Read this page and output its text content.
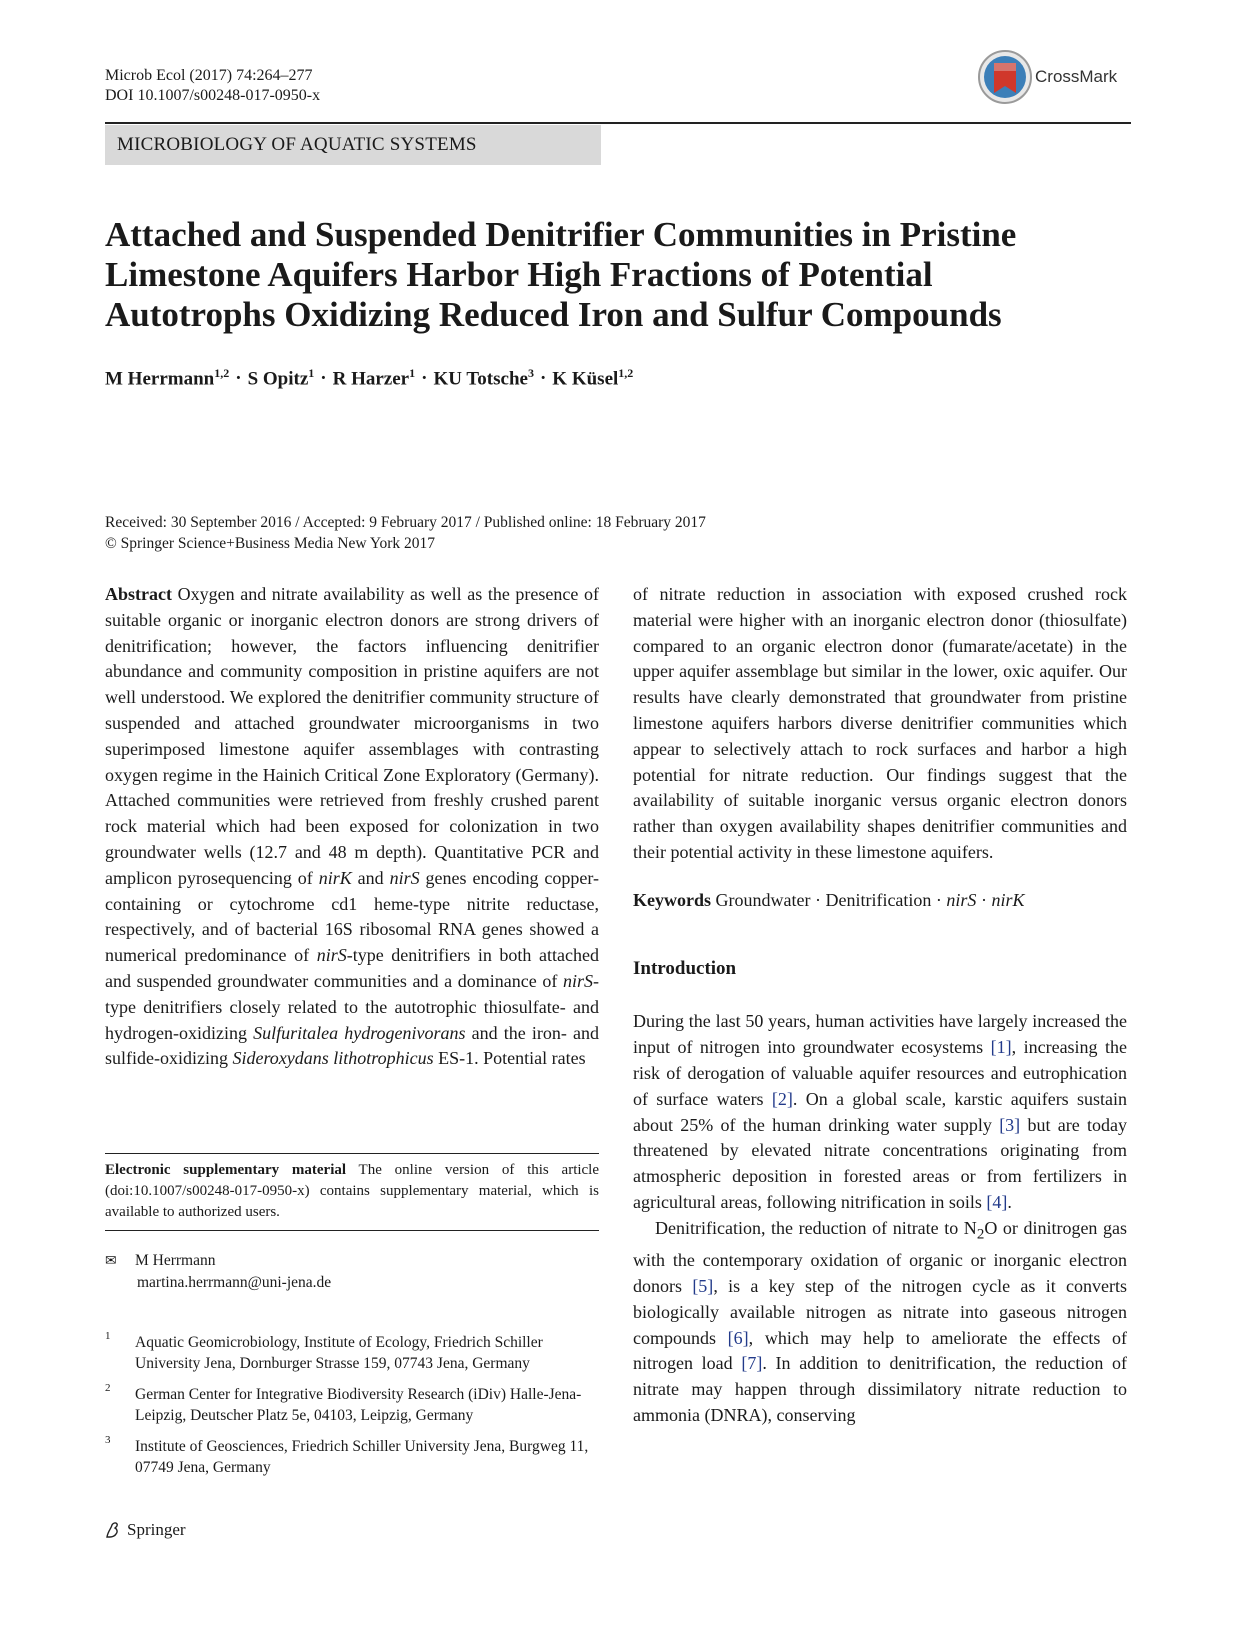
Microb Ecol (2017) 74:264–277
DOI 10.1007/s00248-017-0950-x
CrossMark
MICROBIOLOGY OF AQUATIC SYSTEMS
Attached and Suspended Denitrifier Communities in Pristine
Limestone Aquifers Harbor High Fractions of Potential
Autotrophs Oxidizing Reduced Iron and Sulfur Compounds
M Herrmann$^{1,2}$ · S Opitz$^1$ · R Harzer$^1$ · KU Totsche$^3$ · K Küsel$^{1,2}$
Received: 30 September 2016 / Accepted: 9 February 2017 / Published online: 18 February 2017
© Springer Science+Business Media New York 2017

Abstract Oxygen and nitrate availability as well as the presence of suitable organic or inorganic electron donors are strong drivers of denitrification; however, the factors influencing denitrifier abundance and community composition in pristine aquifers are not well understood. We explored the denitrifier community structure of suspended and attached groundwater microorganisms in two superimposed limestone aquifer assemblages with contrasting oxygen regime in the Hainich Critical Zone Exploratory (Germany). Attached communities were retrieved from freshly crushed parent rock material which had been exposed for colonization in two groundwater wells (12.7 and 48 m depth). Quantitative PCR and amplicon pyrosequencing of nirK and nirS genes encoding copper-containing or cytochrome cd1 heme-type nitrite reductase, respectively, and of bacterial 16S ribosomal RNA genes showed a numerical predominance of nirS-type denitrifiers in both attached and suspended groundwater communities and a dominance of nirS-type denitrifiers closely related to the autotrophic thiosulfate- and hydrogen-oxidizing Sulfuritalea hydrogenivorans and the iron- and sulfide-oxidizing Sideroxydans lithotrophicus ES-1. Potential rates

Electronic supplementary material The online version of this article (doi:10.1007/s00248-017-0950-x) contains supplementary material, which is available to authorized users.
✉ M Herrmann
martina.herrmann@uni-jena.de
1 Aquatic Geomicrobiology, Institute of Ecology, Friedrich Schiller University Jena, Dornburger Strasse 159, 07743 Jena, Germany
2 German Center for Integrative Biodiversity Research (iDiv) Halle-Jena-Leipzig, Deutscher Platz 5e, 04103, Leipzig, Germany
3 Institute of Geosciences, Friedrich Schiller University Jena, Burgweg 11, 07749 Jena, Germany

of nitrate reduction in association with exposed crushed rock material were higher with an inorganic electron donor (thiosulfate) compared to an organic electron donor (fumarate/acetate) in the upper aquifer assemblage but similar in the lower, oxic aquifer. Our results have clearly demonstrated that groundwater from pristine limestone aquifers harbors diverse denitrifier communities which appear to selectively attach to rock surfaces and harbor a high potential for nitrate reduction. Our findings suggest that the availability of suitable inorganic versus organic electron donors rather than oxygen availability shapes denitrifier communities and their potential activity in these limestone aquifers.

Keywords Groundwater · Denitrification · nirS · nirK

Introduction

During the last 50 years, human activities have largely increased the input of nitrogen into groundwater ecosystems [1], increasing the risk of derogation of valuable aquifer resources and eutrophication of surface waters [2]. On a global scale, karstic aquifers sustain about 25% of the human drinking water supply [3] but are today threatened by elevated nitrate concentrations originating from atmospheric deposition in forested areas or from fertilizers in agricultural areas, following nitrification in soils [4].

Denitrification, the reduction of nitrate to $N_2O$ or dinitrogen gas with the contemporary oxidation of organic or inorganic electron donors [5], is a key step of the nitrogen cycle as it converts biologically available nitrogen as nitrate into gaseous nitrogen compounds [6], which may help to ameliorate the effects of nitrogen load [7]. In addition to denitrification, the reduction of nitrate may happen through dissimilatory nitrate reduction to ammonia (DNRA), conserving

Springer
